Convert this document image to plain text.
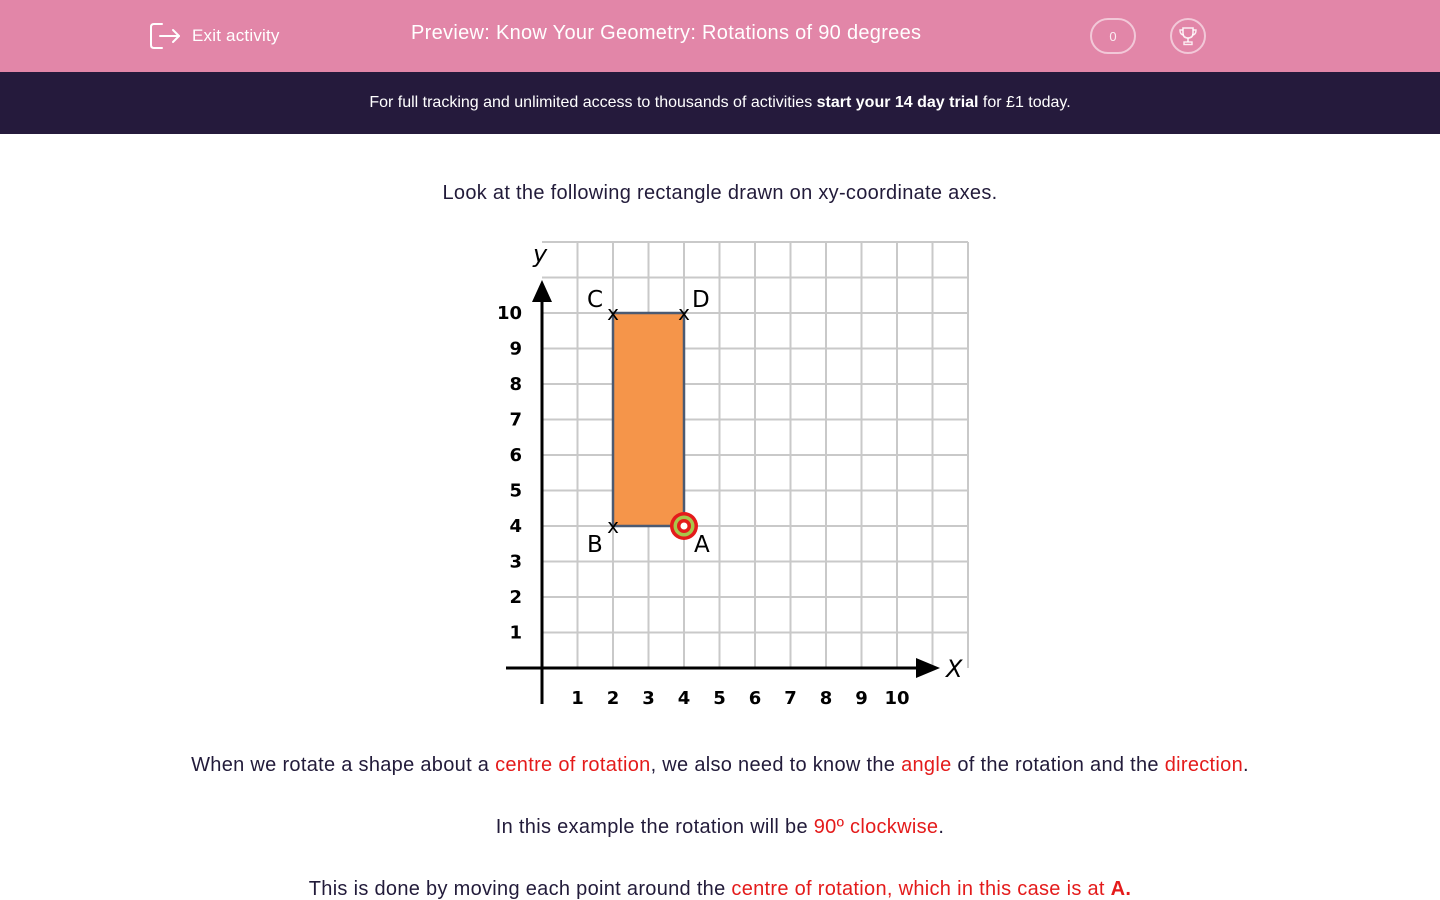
Exit activity	Preview: Know Your Geometry: Rotations of 90 degrees	0
For full tracking and unlimited access to thousands of activities start your 14 day trial for £1 today.
Look at the following rectangle drawn on xy-coordinate axes.
X
y
1 2 3 4 5 6 7 8 9 10
1
2
3
4
5
6
7
8
9
10
A
x
B
x
C	x D
When we rotate a shape about a centre of rotation, we also need to know the angle of the rotation and the direction.
In this example the rotation will be 90º clockwise.
This is done by moving each point around the centre of rotation, which in this case is at A.
